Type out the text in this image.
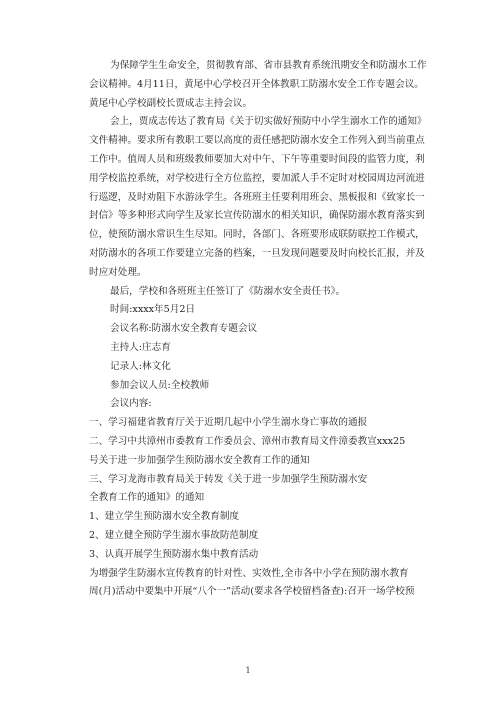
为保障学生生命安全，贯彻教育部、省市县教育系统汛期安全和防溺水工作
会议精神。4月11日，黄尾中心学校召开全体教职工防溺水安全工作专题会议。
黄尾中心学校副校长贾成志主持会议。
会上，贾成志传达了教育局《关于切实做好预防中小学生溺水工作的通知》
文件精神。要求所有教职工要以高度的责任感把防溺水安全工作列入到当前重点
工作中。值周人员和班级教师要加大对中午、下午等重要时间段的监管力度，利
用学校监控系统，对学校进行全方位监控，要加派人手不定时对校园周边河流进
行巡逻，及时劝阻下水游泳学生。各班班主任要利用班会、黑板报和《致家长一
封信》等多种形式向学生及家长宣传防溺水的相关知识，确保防溺水教育落实到
位，使预防溺水常识生生尽知。同时，各部门、各班要形成联防联控工作模式，
对防溺水的各项工作要建立完备的档案，一旦发现问题要及时向校长汇报，并及
时应对处理。
最后，学校和各班班主任签订了《防溺水安全责任书》。
时间:xxxx年5月2日
会议名称:防溺水安全教育专题会议
主持人:庄志育
记录人:林文化
参加会议人员:全校教师
会议内容:
一、学习福建省教育厅关于近期几起中小学生溺水身亡事故的通报
二、学习中共漳州市委教育工作委员会、漳州市教育局文件漳委教宣xxx25
号关于进一步加强学生预防溺水安全教育工作的通知
三、学习龙海市教育局关于转发《关于进一步加强学生预防溺水安
全教育工作的通知》的通知
1、建立学生预防溺水安全教育制度
2、建立健全预防学生溺水事故防范制度
3、认真开展学生预防溺水集中教育活动
为增强学生防溺水宣传教育的针对性、实效性,全市各中小学在预防溺水教育
周(月)活动中要集中开展“八个一”活动(要求各学校留档备查):召开一场学校预
1
